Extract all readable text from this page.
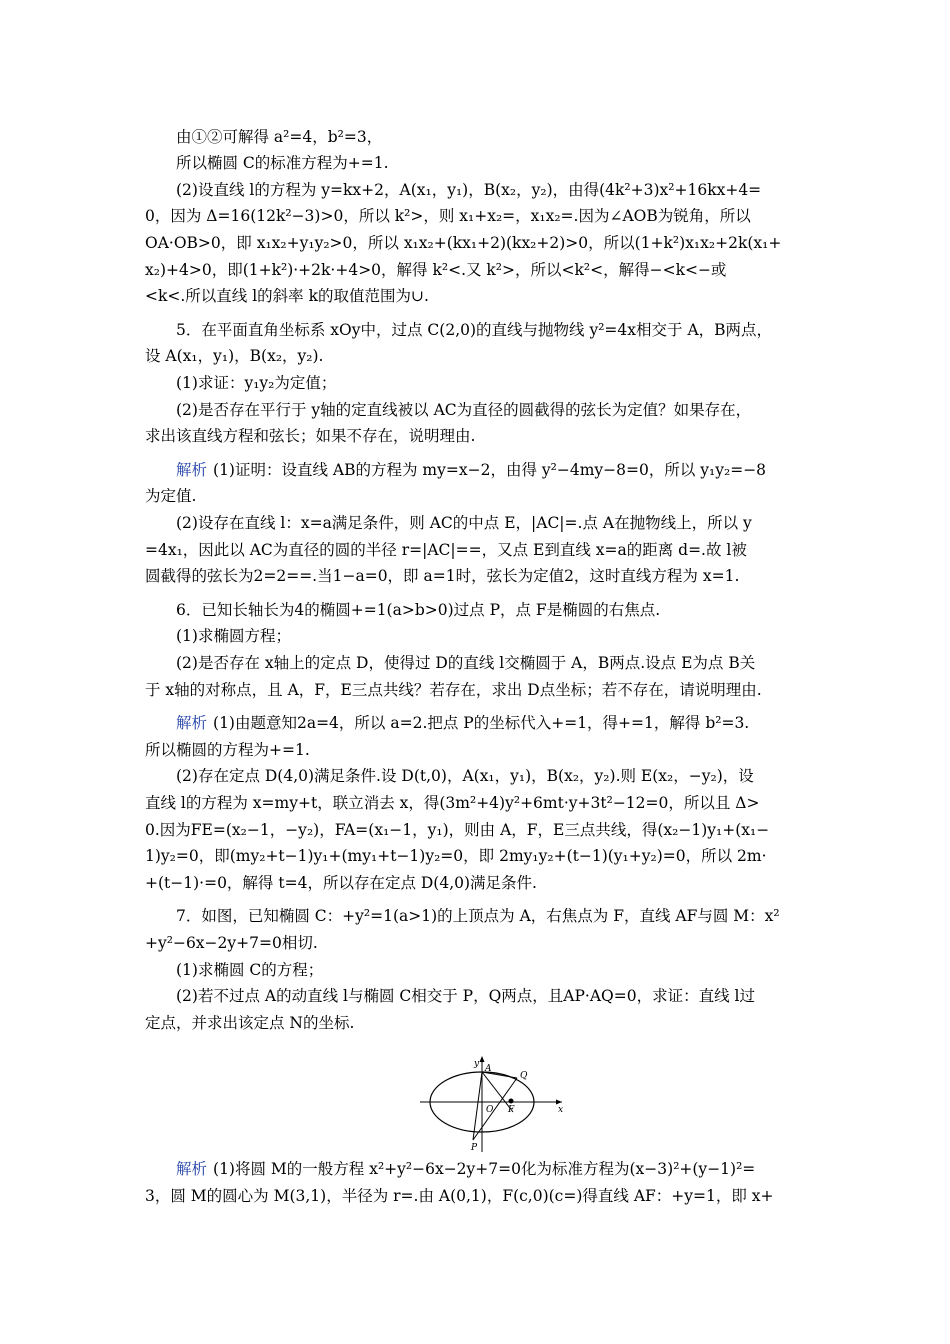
由①②可解得 a²=4，b²=3，
所以椭圆 C的标准方程为+=1.
(2)设直线 l的方程为 y=kx+2，A(x₁，y₁)，B(x₂，y₂)，由得(4k²+3)x²+16kx+4=
0，因为 Δ=16(12k²−3)>0，所以 k²>，则 x₁+x₂=，x₁x₂=.因为∠AOB为锐角，所以
OA·OB>0，即 x₁x₂+y₁y₂>0，所以 x₁x₂+(kx₁+2)(kx₂+2)>0，所以(1+k²)x₁x₂+2k(x₁+
x₂)+4>0，即(1+k²)·+2k·+4>0，解得 k²<.又 k²>，所以<k²<，解得−<k<−或
<k<.所以直线 l的斜率 k的取值范围为∪.
5．在平面直角坐标系 xOy中，过点 C(2,0)的直线与抛物线 y²=4x相交于 A，B两点，
设 A(x₁，y₁)，B(x₂，y₂).
(1)求证：y₁y₂为定值；
(2)是否存在平行于 y轴的定直线被以 AC为直径的圆截得的弦长为定值？如果存在，
求出该直线方程和弦长；如果不存在，说明理由.
解析 (1)证明：设直线 AB的方程为 my=x−2，由得 y²−4my−8=0，所以 y₁y₂=−8
为定值.
(2)设存在直线 l：x=a满足条件，则 AC的中点 E，|AC|=.点 A在抛物线上，所以 y
=4x₁，因此以 AC为直径的圆的半径 r=|AC|==，又点 E到直线 x=a的距离 d=.故 l被
圆截得的弦长为2=2==.当1−a=0，即 a=1时，弦长为定值2，这时直线方程为 x=1.
6．已知长轴长为4的椭圆+=1(a>b>0)过点 P，点 F是椭圆的右焦点.
(1)求椭圆方程；
(2)是否存在 x轴上的定点 D，使得过 D的直线 l交椭圆于 A，B两点.设点 E为点 B关
于 x轴的对称点，且 A，F，E三点共线？若存在，求出 D点坐标；若不存在，请说明理由.
解析 (1)由题意知2a=4，所以 a=2.把点 P的坐标代入+=1，得+=1，解得 b²=3.
所以椭圆的方程为+=1.
(2)存在定点 D(4,0)满足条件.设 D(t,0)，A(x₁，y₁)，B(x₂，y₂).则 E(x₂，−y₂)，设
直线 l的方程为 x=my+t，联立消去 x，得(3m²+4)y²+6mt·y+3t²−12=0，所以且 Δ>
0.因为FE=(x₂−1，−y₂)，FA=(x₁−1，y₁)，则由 A，F，E三点共线，得(x₂−1)y₁+(x₁−
1)y₂=0，即(my₂+t−1)y₁+(my₁+t−1)y₂=0，即 2my₁y₂+(t−1)(y₁+y₂)=0，所以 2m·
+(t−1)·=0，解得 t=4，所以存在定点 D(4,0)满足条件.
7．如图，已知椭圆 C：+y²=1(a>1)的上顶点为 A，右焦点为 F，直线 AF与圆 M：x²
+y²−6x−2y+7=0相切.
(1)求椭圆 C的方程；
(2)若不过点 A的动直线 l与椭圆 C相交于 P，Q两点，且AP·AQ=0，求证：直线 l过
定点，并求出该定点 N的坐标.
y
x
A
Q
O F
P
解析 (1)将圆 M的一般方程 x²+y²−6x−2y+7=0化为标准方程为(x−3)²+(y−1)²=
3，圆 M的圆心为 M(3,1)，半径为 r=.由 A(0,1)，F(c,0)(c=)得直线 AF：+y=1，即 x+
